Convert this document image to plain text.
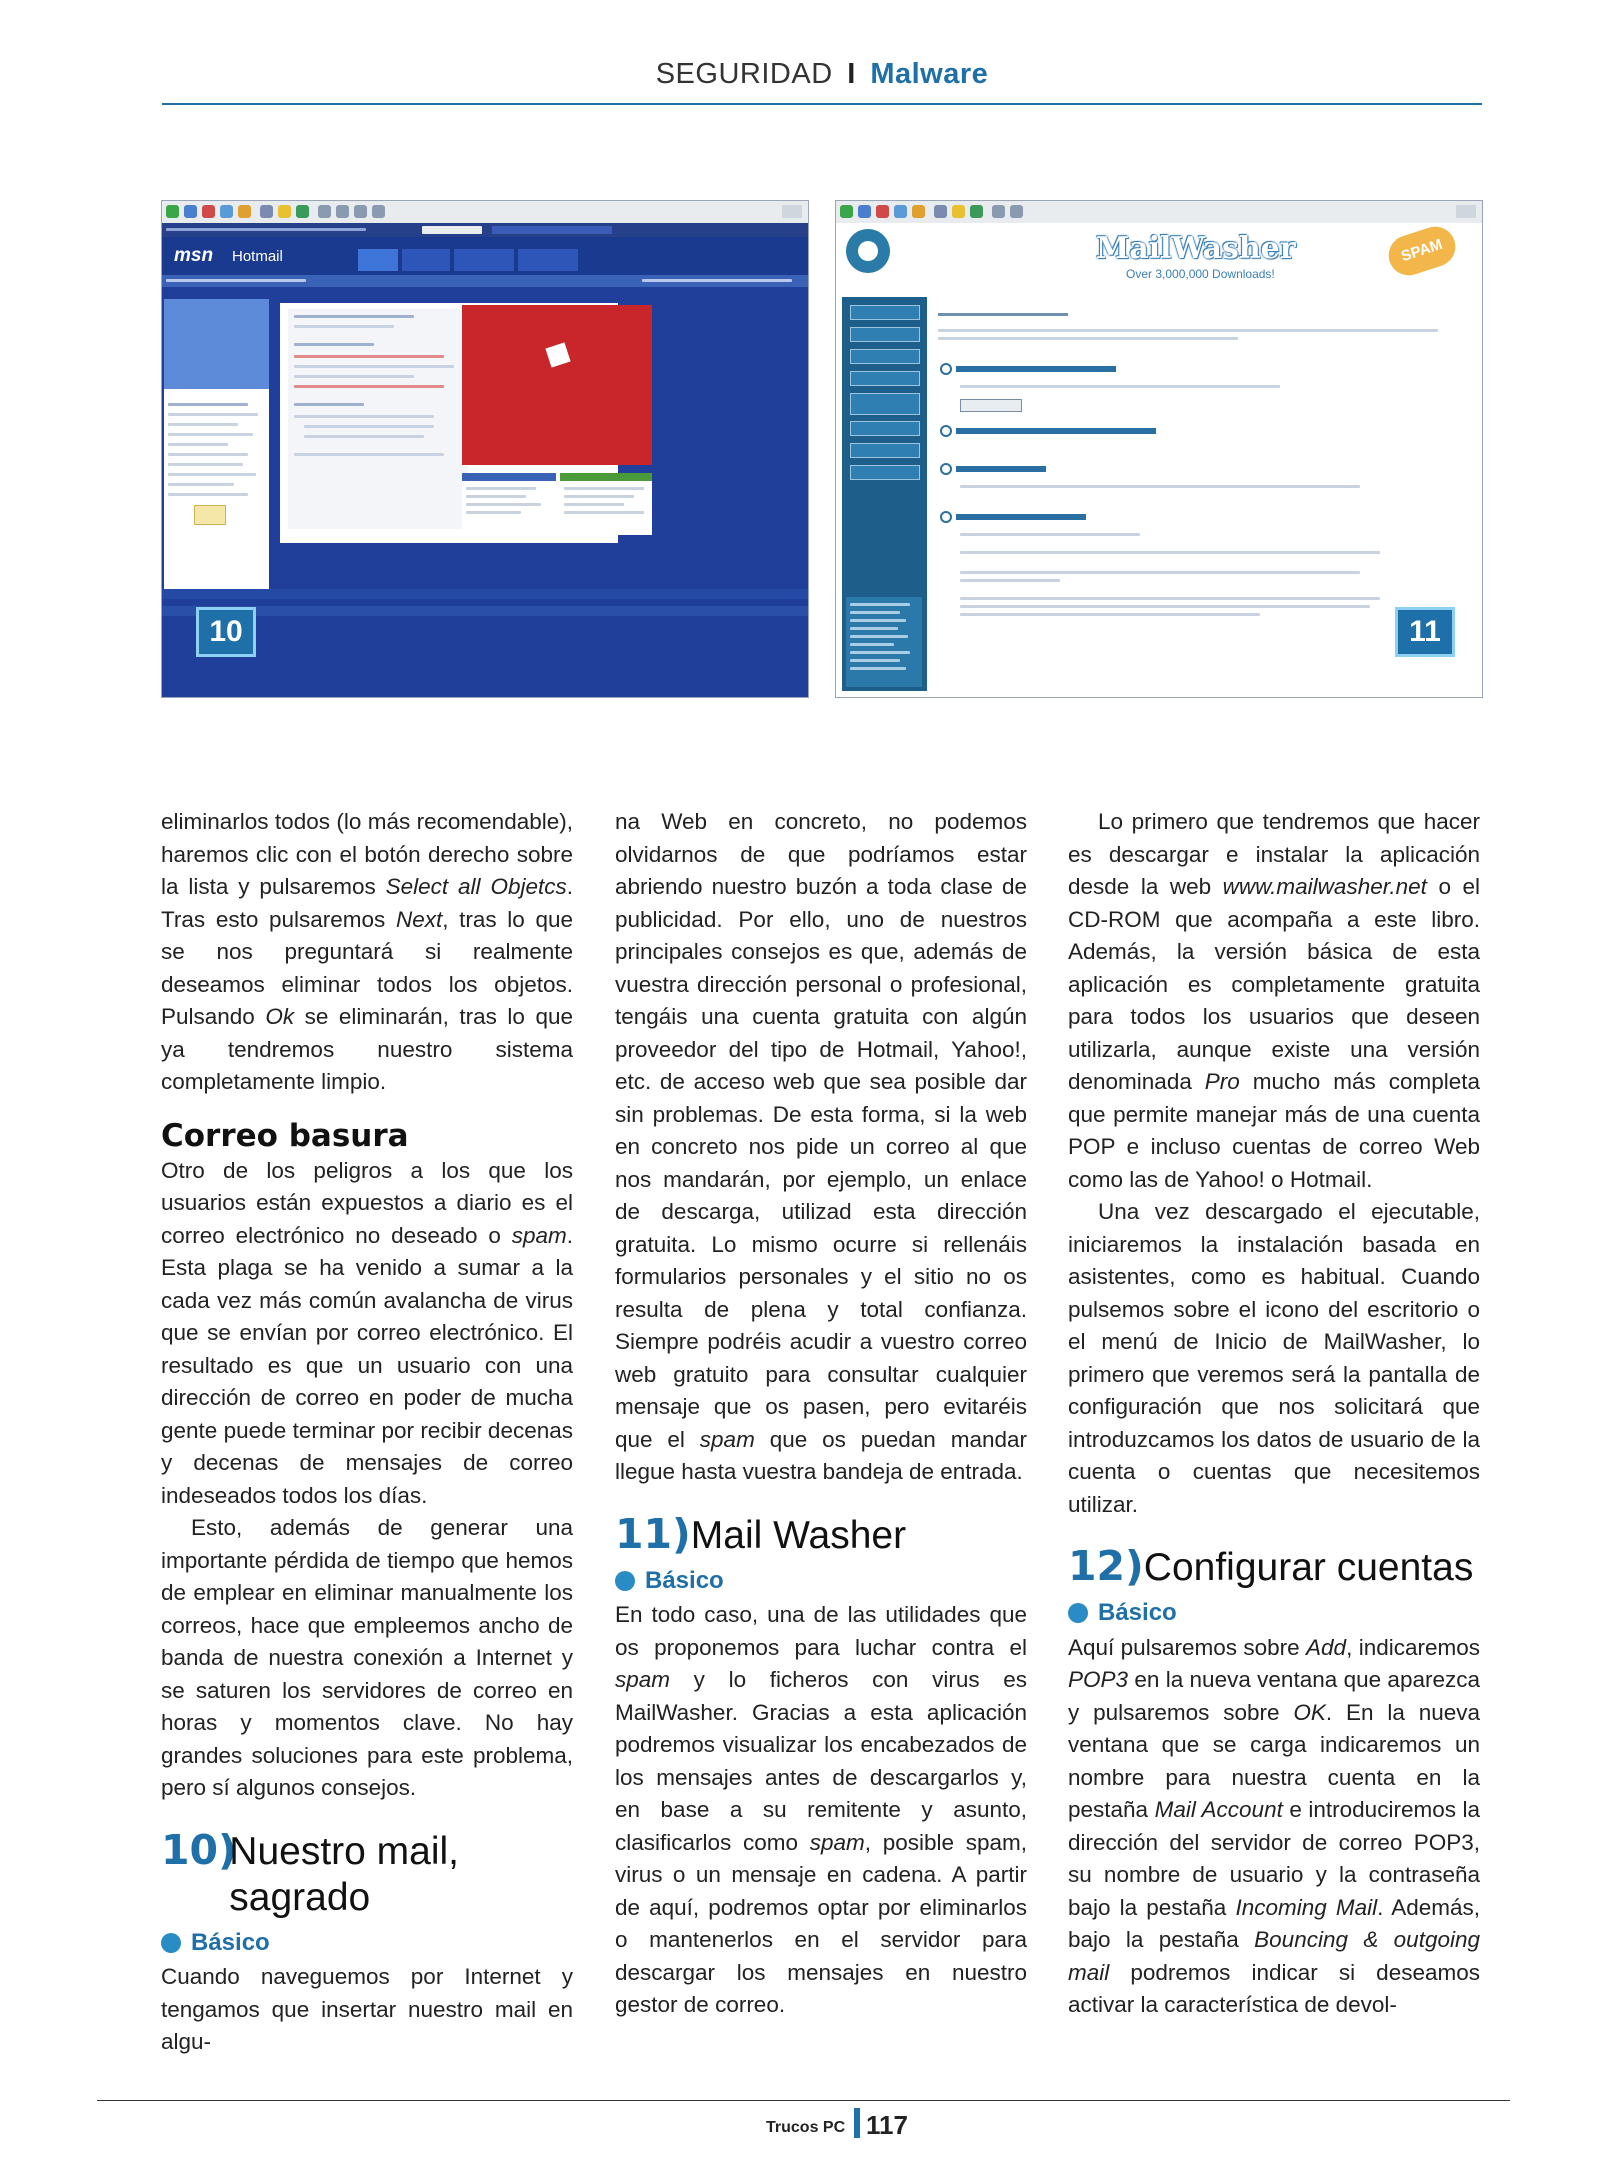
SEGURIDAD I Malware
msn Hotmail
10
MailWasher
Over 3,000,000 Downloads!
SPAM
11

eliminarlos todos (lo más recomendable), haremos clic con el botón derecho sobre la lista y pulsaremos Select all Objetcs. Tras esto pulsaremos Next, tras lo que se nos preguntará si realmente deseamos eliminar todos los objetos. Pulsando Ok se eliminarán, tras lo que ya tendremos nuestro sistema completamente limpio.

Correo basura

Otro de los peligros a los que los usuarios están expuestos a diario es el correo electrónico no deseado o spam. Esta plaga se ha venido a sumar a la cada vez más común avalancha de virus que se envían por correo electrónico. El resultado es que un usuario con una dirección de correo en poder de mucha gente puede terminar por recibir decenas y decenas de mensajes de correo indeseados todos los días.

Esto, además de generar una importante pérdida de tiempo que hemos de emplear en eliminar manualmente los correos, hace que empleemos ancho de banda de nuestra conexión a Internet y se saturen los servidores de correo en horas y momentos clave. No hay grandes soluciones para este problema, pero sí algunos consejos.

10)
Nuestro mail, sagrado
Básico

Cuando naveguemos por Internet y tengamos que insertar nuestro mail en algu-

na Web en concreto, no podemos olvidarnos de que podríamos estar abriendo nuestro buzón a toda clase de publicidad. Por ello, uno de nuestros principales consejos es que, además de vuestra dirección personal o profesional, tengáis una cuenta gratuita con algún proveedor del tipo de Hotmail, Yahoo!, etc. de acceso web que sea posible dar sin problemas. De esta forma, si la web en concreto nos pide un correo al que nos mandarán, por ejemplo, un enlace de descarga, utilizad esta dirección gratuita. Lo mismo ocurre si rellenáis formularios personales y el sitio no os resulta de plena y total confianza. Siempre podréis acudir a vuestro correo web gratuito para consultar cualquier mensaje que os pasen, pero evitaréis que el spam que os puedan mandar llegue hasta vuestra bandeja de entrada.

11) Mail Washer
Básico

En todo caso, una de las utilidades que os proponemos para luchar contra el spam y lo ficheros con virus es MailWasher. Gracias a esta aplicación podremos visualizar los encabezados de los mensajes antes de descargarlos y, en base a su remitente y asunto, clasificarlos como spam, posible spam, virus o un mensaje en cadena. A partir de aquí, podremos optar por eliminarlos o mantenerlos en el servidor para descargar los mensajes en nuestro gestor de correo.

Lo primero que tendremos que hacer es descargar e instalar la aplicación desde la web www.mailwasher.net o el CD-ROM que acompaña a este libro. Además, la versión básica de esta aplicación es completamente gratuita para todos los usuarios que deseen utilizarla, aunque existe una versión denominada Pro mucho más completa que permite manejar más de una cuenta POP e incluso cuentas de correo Web como las de Yahoo! o Hotmail.

Una vez descargado el ejecutable, iniciaremos la instalación basada en asistentes, como es habitual. Cuando pulsemos sobre el icono del escritorio o el menú de Inicio de MailWasher, lo primero que veremos será la pantalla de configuración que nos solicitará que introduzcamos los datos de usuario de la cuenta o cuentas que necesitemos utilizar.

12) Configurar cuentas
Básico

Aquí pulsaremos sobre Add, indicaremos POP3 en la nueva ventana que aparezca y pulsaremos sobre OK. En la nueva ventana que se carga indicaremos un nombre para nuestra cuenta en la pestaña Mail Account e introduciremos la dirección del servidor de correo POP3, su nombre de usuario y la contraseña bajo la pestaña Incoming Mail. Además, bajo la pestaña Bouncing & outgoing mail podremos indicar si deseamos activar la característica de devol-

Trucos PC 117
